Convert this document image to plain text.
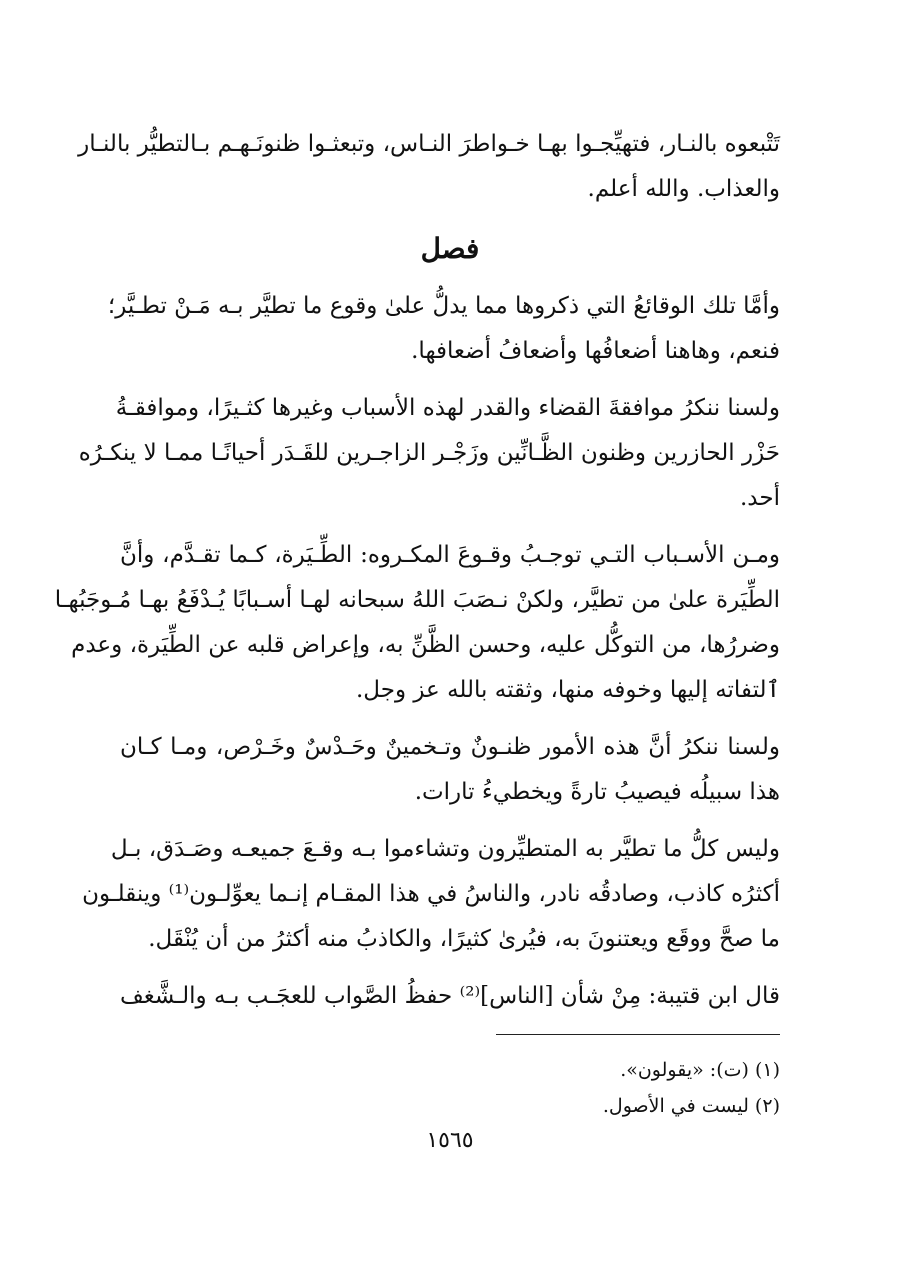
تَتْبعوه بالنـار، فتهيِّجـوا بهـا خـواطرَ النـاس، وتبعثـوا ظنونَـهـم بـالتطيُّر بالنـار
والعذاب. والله أعلم.

فصل

وأمَّا تلك الوقائعُ التي ذكروها مما يدلُّ علىٰ وقوع ما تطيَّر بـه مَـنْ تطـيَّر؛
فنعم، وهاهنا أضعافُها وأضعافُ أضعافها.

ولسنا ننكرُ موافقةَ القضاء والقدر لهذه الأسباب وغيرها كثـيرًا، وموافقـةُ
حَزْر الحازرين وظنون الظَّـانِّين وزَجْـر الزاجـرين للقَـدَر أحيانًـا ممـا لا ينكـرُه
أحد.

ومـن الأسـباب التـي توجـبُ وقـوعَ المكـروه: الطِّـيَرة، كـما تقـدَّم، وأنَّ
الطِّيَرة علىٰ من تطيَّر، ولكنْ نـصَبَ اللهُ سبحانه لهـا أسـبابًا يُـدْفَعُ بهـا مُـوجَبُهـا
وضررُها، من التوكُّل عليه، وحسن الظَّنِّ به، وإعراض قلبه عن الطِّيَرة، وعدم
ٱلتفاته إليها وخوفه منها، وثقته بالله عز وجل.

ولسنا ننكرُ أنَّ هذه الأمور ظنـونٌ وتـخمينٌ وحَـدْسٌ وخَـرْص، ومـا كـان
هذا سبيلُه فيصيبُ تارةً ويخطيءُ تارات.

وليس كلُّ ما تطيَّر به المتطيِّرون وتشاءموا بـه وقـعَ جميعـه وصَـدَق، بـل
أكثرُه كاذب، وصادقُه نادر، والناسُ في هذا المقـام إنـما يعوِّلـون⁽¹⁾ وينقلـون
ما صحَّ ووقَع ويعتنونَ به، فيُرىٰ كثيرًا، والكاذبُ منه أكثرُ من أن يُنْقَل.

قال ابن قتيبة: مِنْ شأن [الناس]⁽²⁾ حفظُ الصَّواب للعجَـب بـه والـشَّغف

(١) (ت): «يقولون».
(٢) ليست في الأصول.
١٥٦٥
